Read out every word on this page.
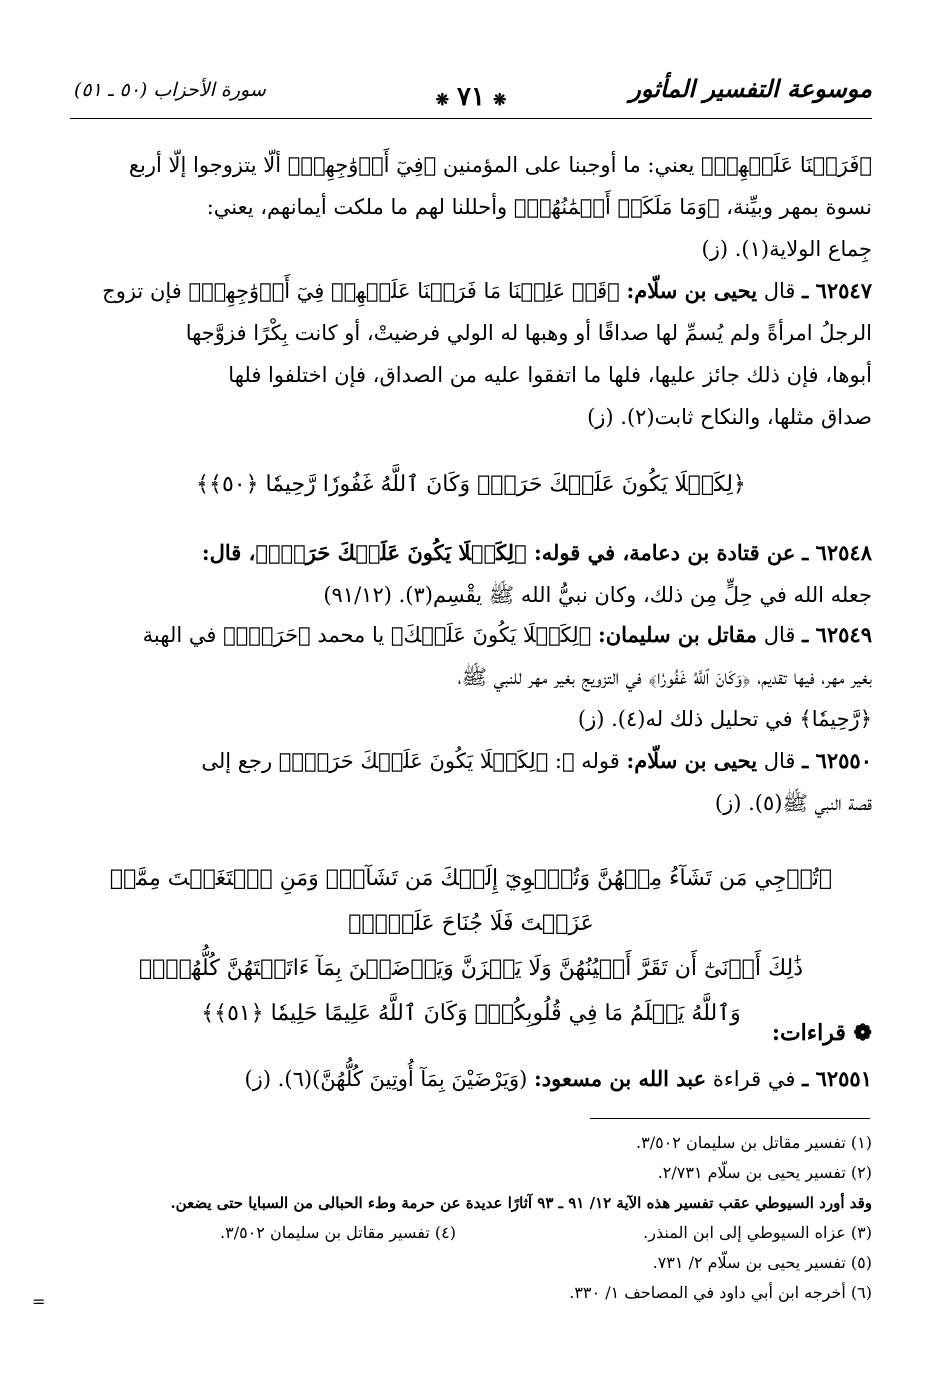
موسوعة التفسير المأثور
❋ ٧١ ❋
سورة الأحزاب (٥٠ ـ ٥١)
﴿فَرَضۡنَا عَلَيۡهِمۡ﴾ يعني: ما أوجبنا على المؤمنين ﴿فِيٓ أَزۡوَٰجِهِمۡ﴾ ألّا يتزوجوا إلّا أربع
نسوة بمهر وبيِّنة، ﴿وَمَا مَلَكَتۡ أَيۡمَٰنُهُمۡ﴾ وأحللنا لهم ما ملكت أيمانهم، يعني:
جِماع الولاية(١). (ز)
٦٢٥٤٧ ـ قال يحيى بن سلّام: ﴿قَدۡ عَلِمۡنَا مَا فَرَضۡنَا عَلَيۡهِمۡ فِيٓ أَزۡوَٰجِهِمۡ﴾ فإن تزوج
الرجلُ امرأةً ولم يُسمِّ لها صداقًا أو وهبها له الولي فرضيتْ، أو كانت بِكْرًا فزوَّجها
أبوها، فإن ذلك جائز عليها، فلها ما اتفقوا عليه من الصداق، فإن اختلفوا فلها
صداق مثلها، والنكاح ثابت(٢). (ز)
﴿لِكَيۡلَا يَكُونَ عَلَيۡكَ حَرَجٞۗ وَكَانَ ٱللَّهُ غَفُورٗا رَّحِيمٗا ﴿٥٠﴾﴾
٦٢٥٤٨ ـ عن قتادة بن دعامة، في قوله: ﴿لِكَيۡلَا يَكُونَ عَلَيۡكَ حَرَجٞۗ﴾، قال:
جعله الله في حِلٍّ مِن ذلك، وكان نبيُّ الله ﷺ يقْسِم(٣). (٩١/١٢)
٦٢٥٤٩ ـ قال مقاتل بن سليمان: ﴿لِكَيۡلَا يَكُونَ عَلَيۡكَ﴾ يا محمد ﴿حَرَجٞۗ﴾ في الهبة
بغير مهر، فيها تقديم، ﴿وَكَانَ ٱللَّهُ غَفُورٗا﴾ في التزويج بغير مهر للنبي ﷺ،
﴿رَّحِيمٗا﴾ في تحليل ذلك له(٤). (ز)
٦٢٥٥٠ ـ قال يحيى بن سلّام: قوله ﷻ: ﴿لِكَيۡلَا يَكُونَ عَلَيۡكَ حَرَجٞۗ﴾ رجع إلى
قصة النبي ﷺ(٥). (ز)
﴿تُرۡجِي مَن تَشَآءُ مِنۡهُنَّ وَتُـٔۡوِيٓ إِلَيۡكَ مَن تَشَآءُۖ وَمَنِ ٱبۡتَغَيۡتَ مِمَّنۡ عَزَلۡتَ فَلَا جُنَاحَ عَلَيۡكَۚ
ذَٰلِكَ أَدۡنَىٰٓ أَن تَقَرَّ أَعۡيُنُهُنَّ وَلَا يَحۡزَنَّ وَيَرۡضَيۡنَ بِمَآ ءَاتَيۡتَهُنَّ كُلُّهُنَّۚ
وَٱللَّهُ يَعۡلَمُ مَا فِي قُلُوبِكُمۡۚ وَكَانَ ٱللَّهُ عَلِيمًا حَلِيمٗا ﴿٥١﴾﴾
❁ قراءات:
٦٢٥٥١ ـ في قراءة عبد الله بن مسعود: (وَيَرْضَيْنَ بِمَآ أُوتِينَ كُلُّهُنَّ)(٦). (ز)
(١) تفسير مقاتل بن سليمان ٣/٥٠٢.
(٢) تفسير يحيى بن سلّام ٢/٧٣١.
وقد أورد السيوطي عقب تفسير هذه الآية ١٢/ ٩١ ـ ٩٣ آثارًا عديدة عن حرمة وطء الحبالى من السبايا حتى يضعن.
(٣) عزاه السيوطي إلى ابن المنذر.
(٤) تفسير مقاتل بن سليمان ٣/٥٠٢.
(٥) تفسير يحيى بن سلّام ٢/ ٧٣١.
(٦) أخرجه ابن أبي داود في المصاحف ١/ ٣٣٠.
=
